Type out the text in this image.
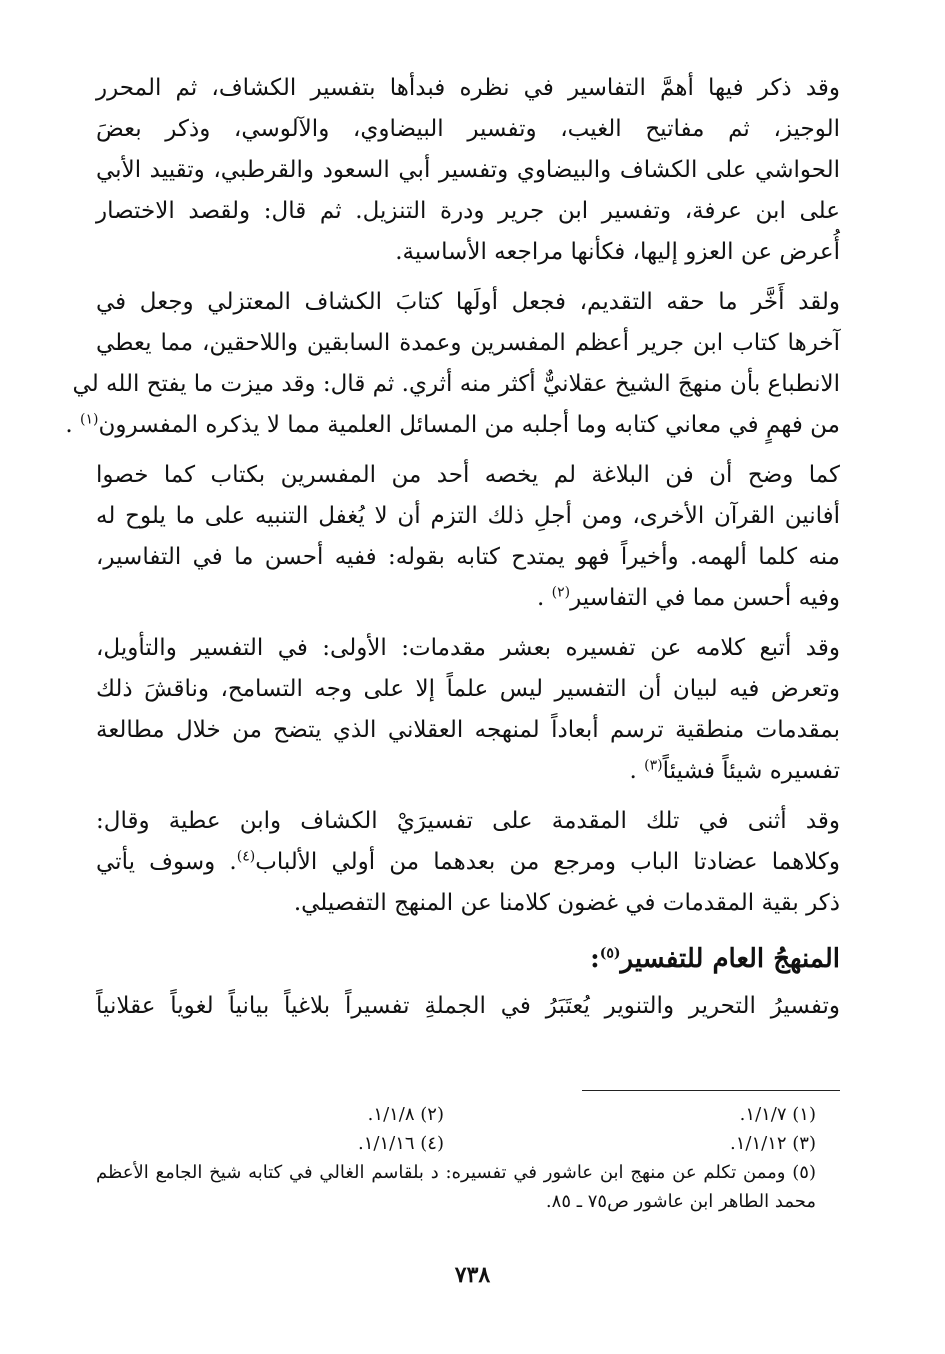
وقد ذكر فيها أهمَّ التفاسير في نظره فبدأها بتفسير الكشاف، ثم المحرر
الوجيز، ثم مفاتيح الغيب، وتفسير البيضاوي، والآلوسي، وذكر بعضَ
الحواشي على الكشاف والبيضاوي وتفسير أبي السعود والقرطبي، وتقييد الأبي
على ابن عرفة، وتفسير ابن جرير ودرة التنزيل. ثم قال: ولقصد الاختصار
أُعرض عن العزو إليها، فكأنها مراجعه الأساسية.

ولقد أَخَّر ما حقه التقديم، فجعل أولَها كتابَ الكشاف المعتزلي وجعل في
آخرها كتاب ابن جرير أعظم المفسرين وعمدة السابقين واللاحقين، مما يعطي
الانطباع بأن منهجَ الشيخ عقلانيٌّ أكثر منه أثري. ثم قال: وقد ميزت ما يفتح الله لي
من فهمٍ في معاني كتابه وما أجلبه من المسائل العلمية مما لا يذكره المفسرون$^{(١)}$ .

كما وضح أن فن البلاغة لم يخصه أحد من المفسرين بكتاب كما خصوا
أفانين القرآن الأخرى، ومن أجلِ ذلك التزم أن لا يُغفل التنبيه على ما يلوح له
منه كلما ألهمه. وأخيراً فهو يمتدح كتابه بقوله: ففيه أحسن ما في التفاسير،
وفيه أحسن مما في التفاسير$^{(٢)}$ .

وقد أتبع كلامه عن تفسيره بعشر مقدمات: الأولى: في التفسير والتأويل،
وتعرض فيه لبيان أن التفسير ليس علماً إلا على وجه التسامح، وناقشَ ذلك
بمقدمات منطقية ترسم أبعاداً لمنهجه العقلاني الذي يتضح من خلال مطالعة
تفسيره شيئاً فشيئاً$^{(٣)}$ .

وقد أثنى في تلك المقدمة على تفسيرَيْ الكشاف وابن عطية وقال:
وكلاهما عضادتا الباب ومرجع من بعدهما من أولي الألباب$^{(٤)}$. وسوف يأتي
ذكر بقية المقدمات في غضون كلامنا عن المنهج التفصيلي.

المنهجُ العام للتفسير$^{(٥)}$:

وتفسيرُ التحرير والتنوير يُعتَبَرُ في الجملةِ تفسيراً بلاغياً بيانياً لغوياً عقلانياً

(١) ١/١/٧.
(٢) ١/١/٨.
(٣) ١/١/١٢.
(٤) ١/١/١٦.
(٥) وممن تكلم عن منهج ابن عاشور في تفسيره: د بلقاسم الغالي في كتابه شيخ الجامع الأعظم محمد الطاهر ابن عاشور ص٧٥ ـ ٨٥.
٧٣٨
